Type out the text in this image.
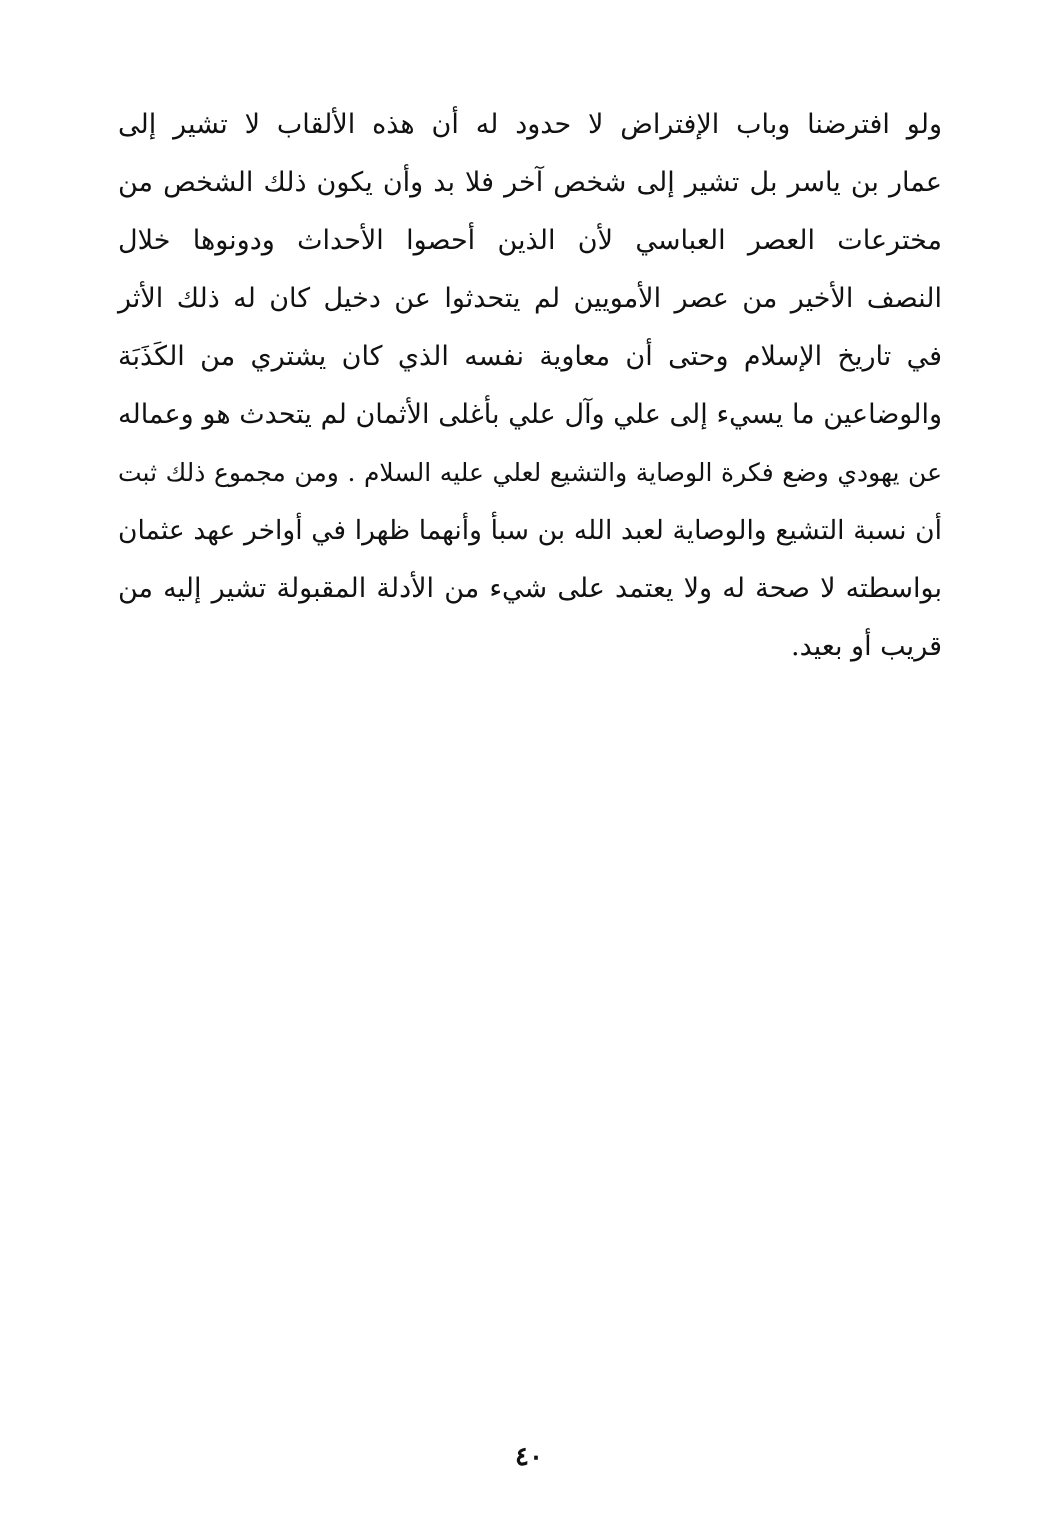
ولو افترضنا وباب الإفتراض لا حدود له أن هذه الألقاب لا تشير إلى
عمار بن ياسر بل تشير إلى شخص آخر فلا بد وأن يكون ذلك الشخص من
مخترعات العصر العباسي لأن الذين أحصوا الأحداث ودونوها خلال
النصف الأخير من عصر الأمويين لم يتحدثوا عن دخيل كان له ذلك الأثر
في تاريخ الإسلام وحتى أن معاوية نفسه الذي كان يشتري من الكَذَبَة
والوضاعين ما يسيء إلى علي وآل علي بأغلى الأثمان لم يتحدث هو وعماله
عن يهودي وضع فكرة الوصاية والتشيع لعلي عليه السلام . ومن مجموع ذلك ثبت
أن نسبة التشيع والوصاية لعبد الله بن سبأ وأنهما ظهرا في أواخر عهد عثمان
بواسطته لا صحة له ولا يعتمد على شيء من الأدلة المقبولة تشير إليه من
قريب أو بعيد.
٤٠
